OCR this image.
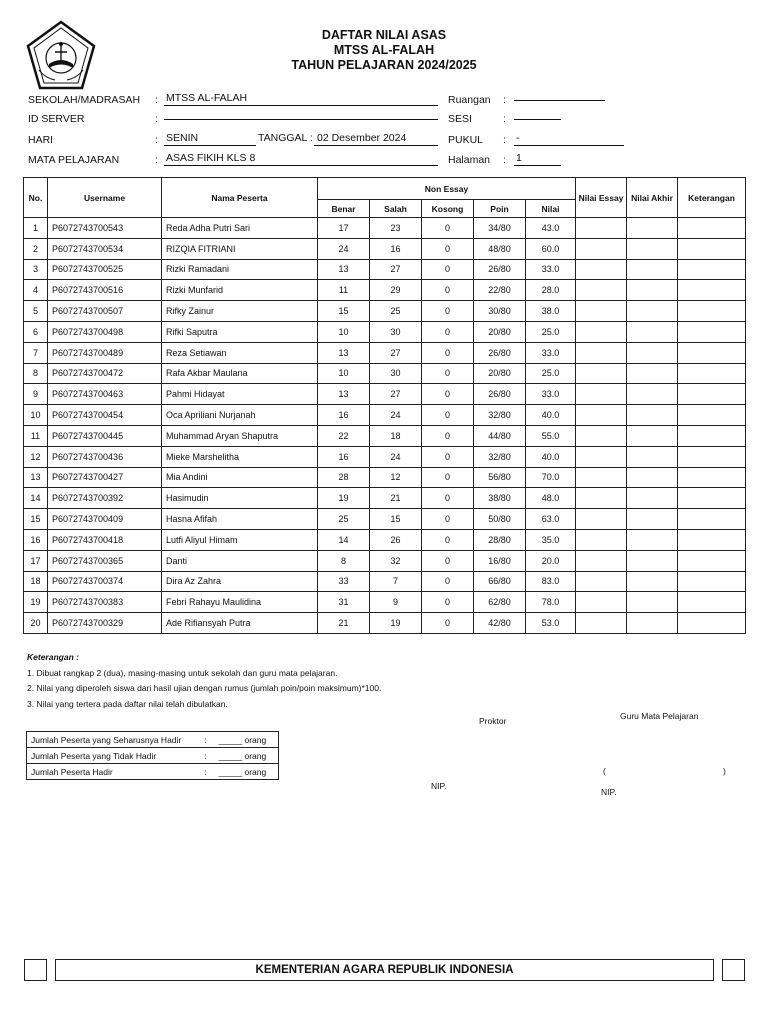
DAFTAR NILAI ASAS
MTSS AL-FALAH
TAHUN PELAJARAN 2024/2025
SEKOLAH/MADRASAH : MTSS AL-FALAH	Ruangan :
ID SERVER	:	SESI	:
HARI	: SENIN	TANGGAL : 02 Desember 2024	PUKUL : -
MATA PELAJARAN	: ASAS FIKIH KLS 8	Halaman : 1
No.	Username	Nama Peserta	Non Essay					Nilai Essay	Nilai Akhir	Keterangan
			Benar	Salah	Kosong	Poin	Nilai			
1	P6072743700543	Reda Adha Putri Sari	17	23	0	34/80	43.0			
2	P6072743700534	RIZQIA FITRIANI	24	16	0	48/80	60.0			
3	P6072743700525	Rizki Ramadani	13	27	0	26/80	33.0			
4	P6072743700516	Rizki Munfarid	11	29	0	22/80	28.0			
5	P6072743700507	Rifky Zainur	15	25	0	30/80	38.0			
6	P6072743700498	Rifki Saputra	10	30	0	20/80	25.0			
7	P6072743700489	Reza Setiawan	13	27	0	26/80	33.0			
8	P6072743700472	Rafa Akbar Maulana	10	30	0	20/80	25.0			
9	P6072743700463	Pahmi Hidayat	13	27	0	26/80	33.0			
10	P6072743700454	Oca Apriliani Nurjanah	16	24	0	32/80	40.0			
11	P6072743700445	Muhammad Aryan Shaputra	22	18	0	44/80	55.0			
12	P6072743700436	Mieke Marshelitha	16	24	0	32/80	40.0			
13	P6072743700427	Mia Andini	28	12	0	56/80	70.0			
14	P6072743700392	Hasimudin	19	21	0	38/80	48.0			
15	P6072743700409	Hasna Afifah	25	15	0	50/80	63.0			
16	P6072743700418	Lutfi Aliyul Himam	14	26	0	28/80	35.0			
17	P6072743700365	Danti	8	32	0	16/80	20.0			
18	P6072743700374	Dira Az Zahra	33	7	0	66/80	83.0			
19	P6072743700383	Febri Rahayu Maulidina	31	9	0	62/80	78.0			
20	P6072743700329	Ade Rifiansyah Putra	21	19	0	42/80	53.0			
Keterangan :
1. Dibuat rangkap 2 (dua), masing-masing untuk sekolah dan guru mata pelajaran.
2. Nilai yang diperoleh siswa dari hasil ujian dengan rumus (jumlah poin/poin maksimum)*100.
3. Nilai yang tertera pada daftar nilai telah dibulatkan.
Proktor	Guru Mata Pelajaran
(	)
NIP.
NIP.
Jumlah Peserta yang Seharusnya Hadir	:	_____ orang
Jumlah Peserta yang Tidak Hadir	:	_____ orang
Jumlah Peserta Hadir	:	_____ orang
KEMENTERIAN AGARA REPUBLIK INDONESIA
